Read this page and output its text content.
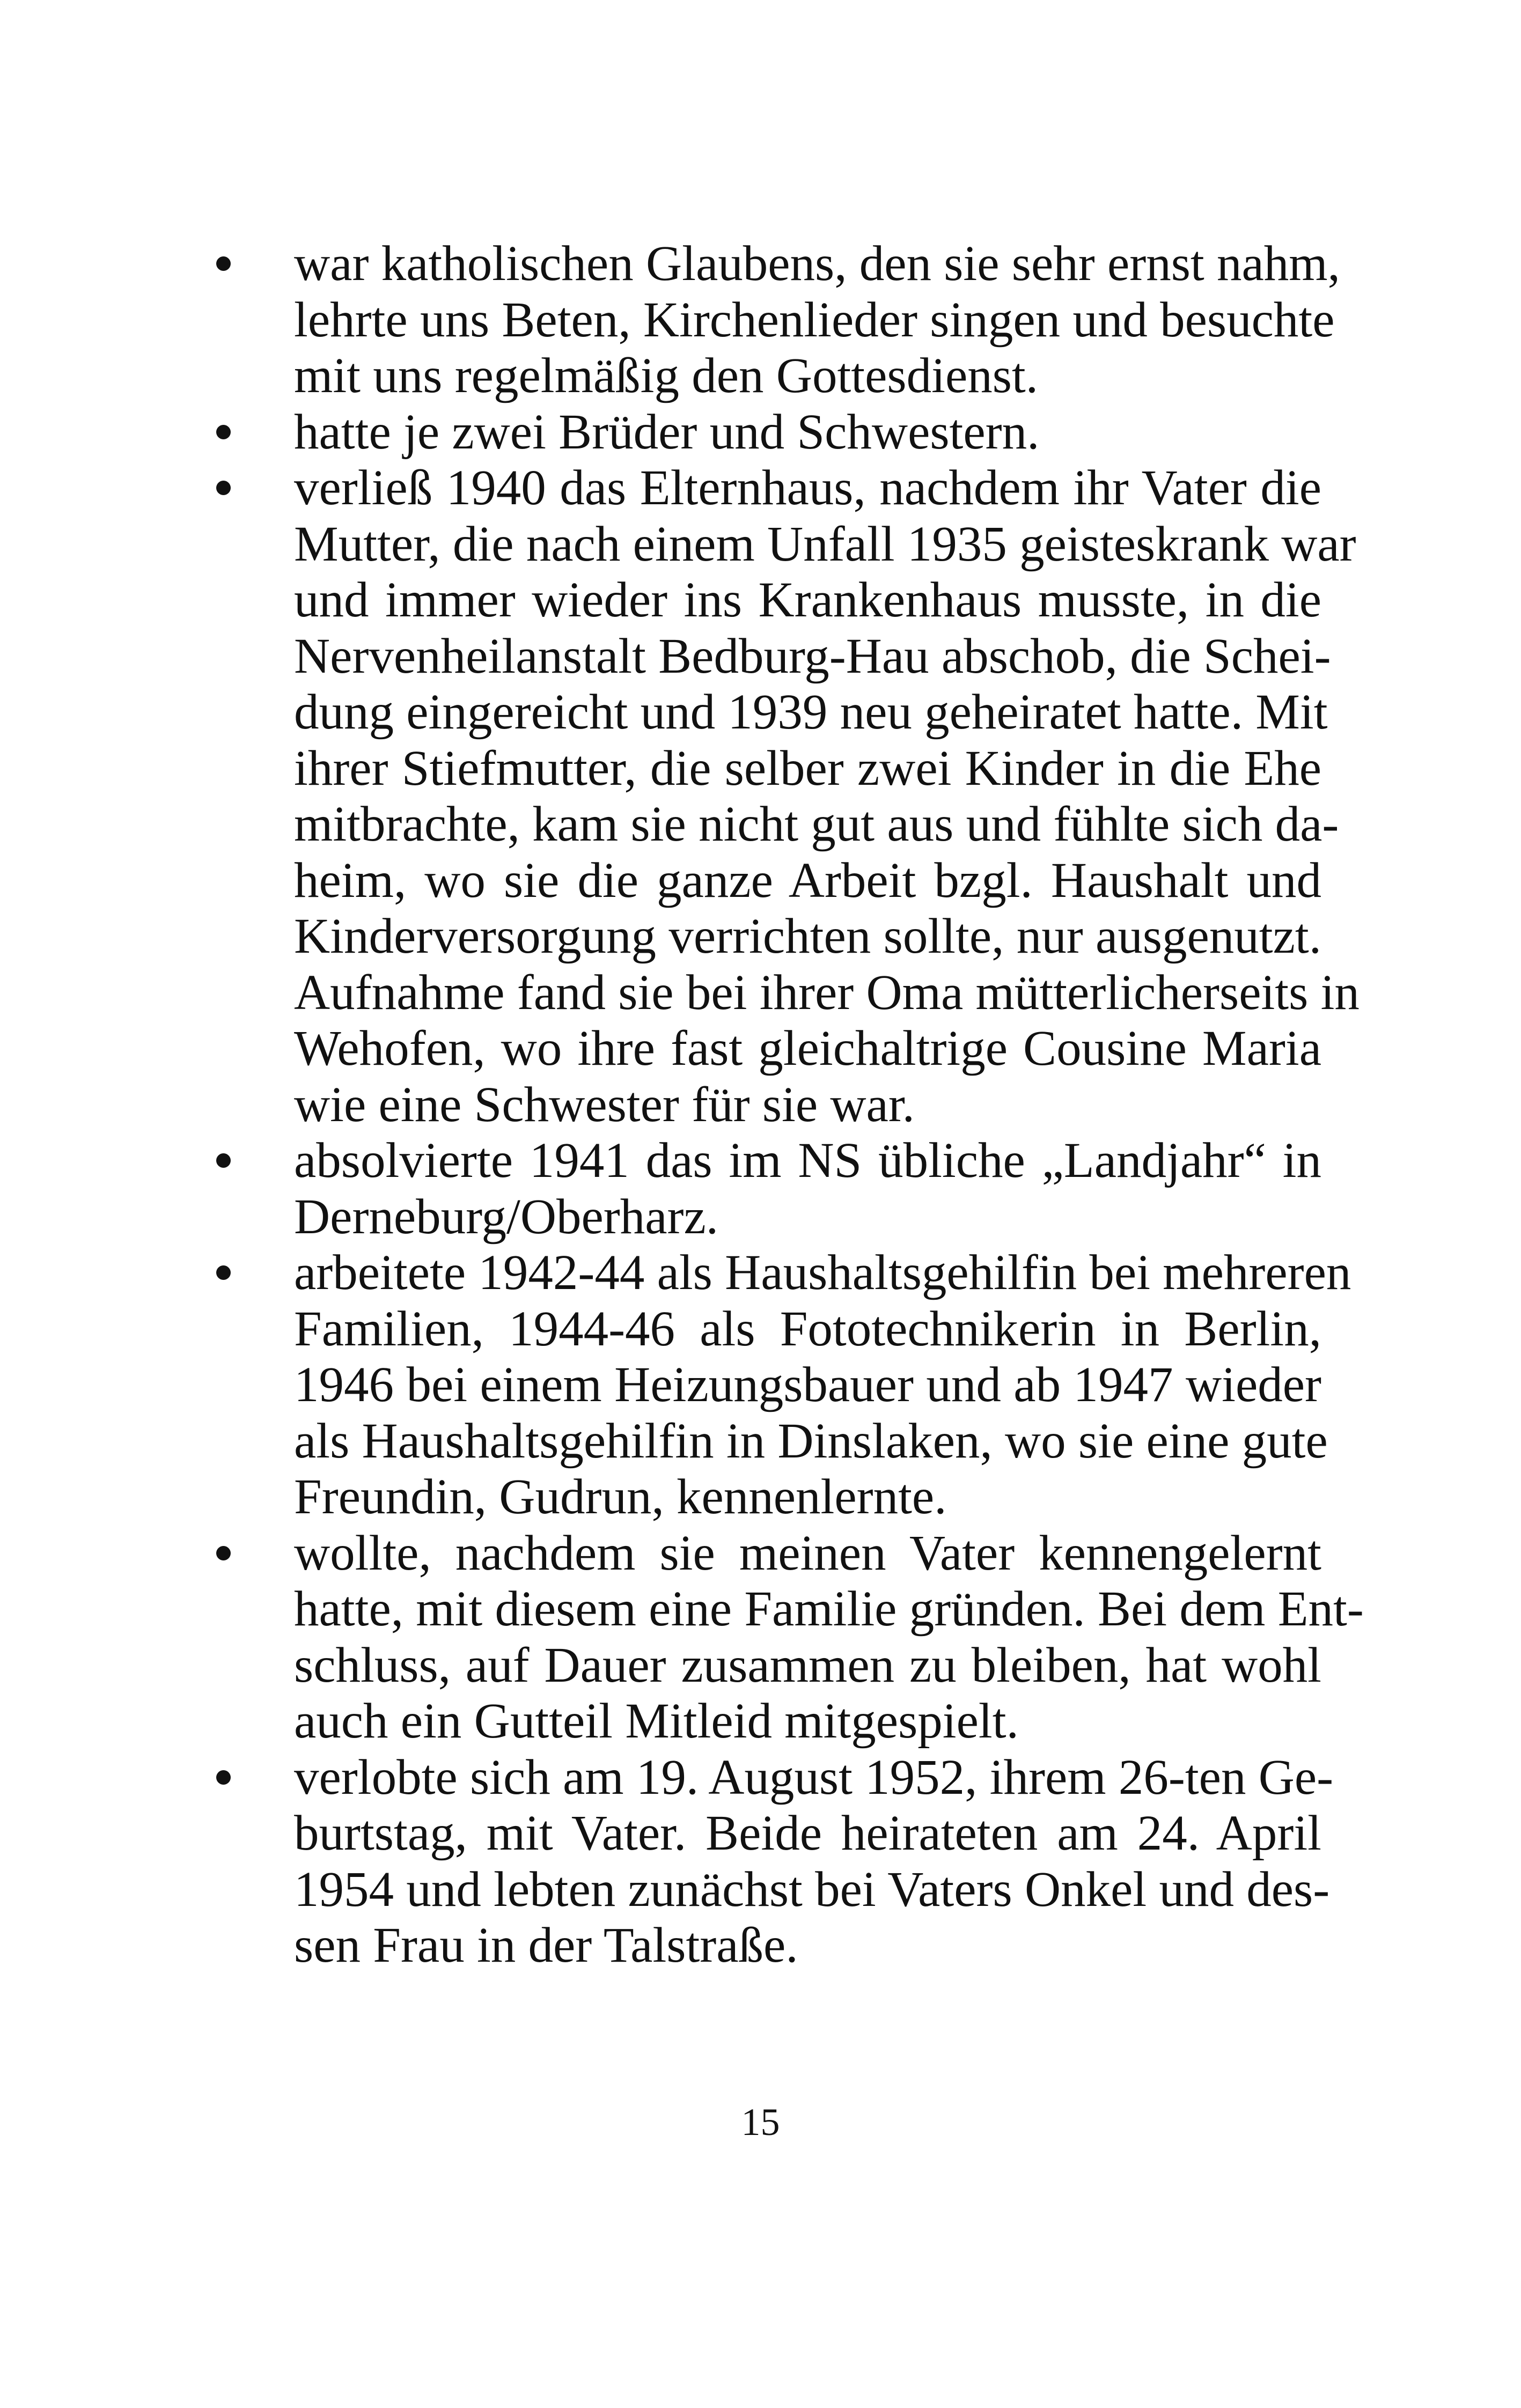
war katholischen Glaubens, den sie sehr ernst nahm,
lehrte uns Beten, Kirchenlieder singen und besuchte
mit uns regelmäßig den Gottesdienst.
hatte je zwei Brüder und Schwestern.
verließ 1940 das Elternhaus, nachdem ihr Vater die
Mutter, die nach einem Unfall 1935 geisteskrank war
und immer wieder ins Krankenhaus musste, in die
Nervenheilanstalt Bedburg-Hau abschob, die Schei-
dung eingereicht und 1939 neu geheiratet hatte. Mit
ihrer Stiefmutter, die selber zwei Kinder in die Ehe
mitbrachte, kam sie nicht gut aus und fühlte sich da-
heim, wo sie die ganze Arbeit bzgl. Haushalt und
Kinderversorgung verrichten sollte, nur ausgenutzt.
Aufnahme fand sie bei ihrer Oma mütterlicherseits in
Wehofen, wo ihre fast gleichaltrige Cousine Maria
wie eine Schwester für sie war.
absolvierte 1941 das im NS übliche „Landjahr“ in
Derneburg/Oberharz.
arbeitete 1942-44 als Haushaltsgehilfin bei mehreren
Familien, 1944-46 als Fototechnikerin in Berlin,
1946 bei einem Heizungsbauer und ab 1947 wieder
als Haushaltsgehilfin in Dinslaken, wo sie eine gute
Freundin, Gudrun, kennenlernte.
wollte, nachdem sie meinen Vater kennengelernt
hatte, mit diesem eine Familie gründen. Bei dem Ent-
schluss, auf Dauer zusammen zu bleiben, hat wohl
auch ein Gutteil Mitleid mitgespielt.
verlobte sich am 19. August 1952, ihrem 26-ten Ge-
burtstag, mit Vater. Beide heirateten am 24. April
1954 und lebten zunächst bei Vaters Onkel und des-
sen Frau in der Talstraße.
15
